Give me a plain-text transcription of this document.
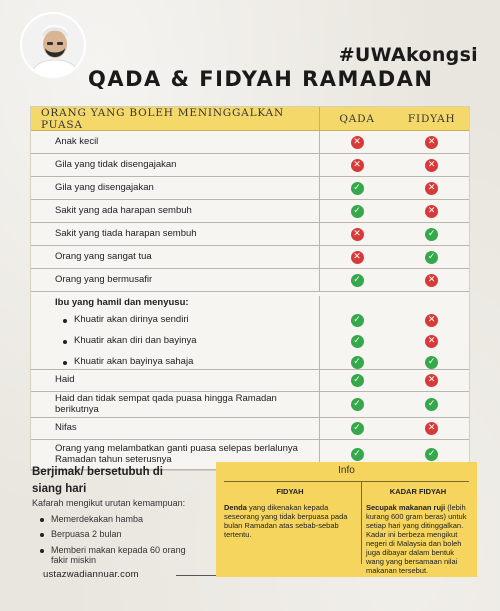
#UWAkongsi
QADA & FIDYAH RAMADAN
ORANG YANG BOLEH MENINGGALKAN PUASA	QADA	FIDYAH
Anak kecil	✕	✕
Gila yang tidak disengajakan	✕	✕
Gila yang disengajakan	✓	✕
Sakit yang ada harapan sembuh	✓	✕
Sakit yang tiada harapan sembuh	✕	✓
Orang yang sangat tua	✕	✓
Orang yang bermusafir	✓	✕
Ibu yang hamil dan menyusu:
Khuatir akan dirinya sendiri	✓	✕
Khuatir akan diri dan bayinya	✓	✕
Khuatir akan bayinya sahaja	✓	✓
Haid	✓	✕
Haid dan tidak sempat qada puasa hingga Ramadan berikutnya	✓	✓
Nifas	✓	✕
Orang yang melambatkan ganti puasa selepas berlalunya Ramadan tahun seterusnya	✓	✓
Berjimak/ bersetubuh di
siang hari
Kafarah mengikut urutan kemampuan:
Memerdekakan hamba
Berpuasa 2 bulan
Memberi makan kepada 60 orang fakir miskin
ustazwadiannuar.com
Info
FIDYAH
Denda yang dikenakan kepada seseorang yang tidak berpuasa pada bulan Ramadan atas sebab-sebab tertentu.
KADAR FIDYAH
Secupak makanan ruji (lebih kurang 600 gram beras) untuk setiap hari yang ditinggalkan. Kadar ini berbeza mengikut negeri di Malaysia dan boleh juga dibayar dalam bentuk wang yang bersamaan nilai makanan tersebut.
